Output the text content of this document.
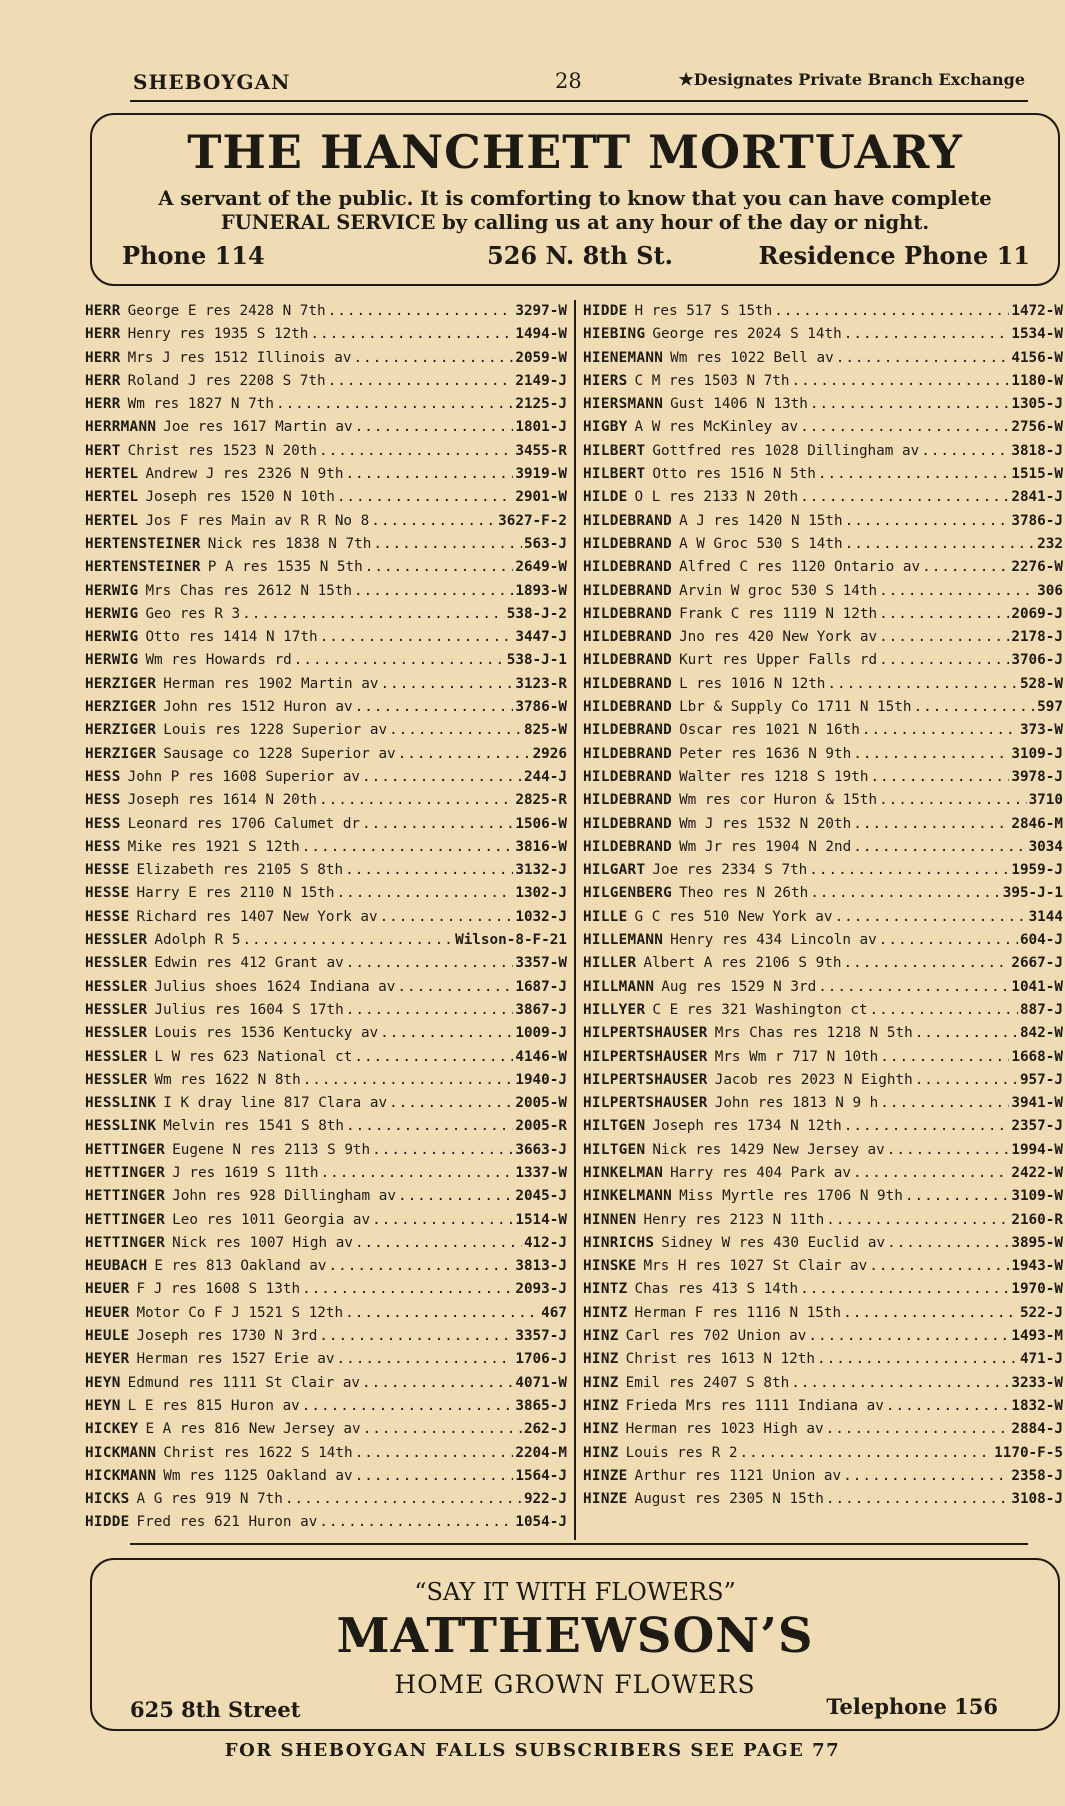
SHEBOYGAN	28	★Designates Private Branch Exchange
THE HANCHETT MORTUARY
A servant of the public. It is comforting to know that you can have complete
FUNERAL SERVICE by calling us at any hour of the day or night.
Phone 114	526 N. 8th St.	Residence Phone 11
HERR George E res 2428 N 7th .....	3297-W
HERR Henry res 1935 S 12th .....	1494-W
HERR Mrs J res 1512 Illinois av .....	2059-W
HERR Roland J res 2208 S 7th .....	2149-J
HERR Wm res 1827 N 7th .....	2125-J
HERRMANN Joe res 1617 Martin av .....	1801-J
HERT Christ res 1523 N 20th .....	3455-R
HERTEL Andrew J res 2326 N 9th .....	3919-W
HERTEL Joseph res 1520 N 10th .....	2901-W
HERTEL Jos F res Main av R R No 8 .....	3627-F-2
HERTENSTEINER Nick res 1838 N 7th .....	563-J
HERTENSTEINER P A res 1535 N 5th .....	2649-W
HERWIG Mrs Chas res 2612 N 15th .....	1893-W
HERWIG Geo res R 3 .....	538-J-2
HERWIG Otto res 1414 N 17th .....	3447-J
HERWIG Wm res Howards rd .....	538-J-1
HERZIGER Herman res 1902 Martin av .....	3123-R
HERZIGER John res 1512 Huron av .....	3786-W
HERZIGER Louis res 1228 Superior av .....	825-W
HERZIGER Sausage co 1228 Superior av .....	2926
HESS John P res 1608 Superior av .....	244-J
HESS Joseph res 1614 N 20th .....	2825-R
HESS Leonard res 1706 Calumet dr .....	1506-W
HESS Mike res 1921 S 12th .....	3816-W
HESSE Elizabeth res 2105 S 8th .....	3132-J
HESSE Harry E res 2110 N 15th .....	1302-J
HESSE Richard res 1407 New York av .....	1032-J
HESSLER Adolph R 5 .....	Wilson-8-F-21
HESSLER Edwin res 412 Grant av .....	3357-W
HESSLER Julius shoes 1624 Indiana av .....	1687-J
HESSLER Julius res 1604 S 17th .....	3867-J
HESSLER Louis res 1536 Kentucky av .....	1009-J
HESSLER L W res 623 National ct .....	4146-W
HESSLER Wm res 1622 N 8th .....	1940-J
HESSLINK I K dray line 817 Clara av .....	2005-W
HESSLINK Melvin res 1541 S 8th .....	2005-R
HETTINGER Eugene N res 2113 S 9th .....	3663-J
HETTINGER J res 1619 S 11th .....	1337-W
HETTINGER John res 928 Dillingham av .....	2045-J
HETTINGER Leo res 1011 Georgia av .....	1514-W
HETTINGER Nick res 1007 High av .....	412-J
HEUBACH E res 813 Oakland av .....	3813-J
HEUER F J res 1608 S 13th .....	2093-J
HEUER Motor Co F J 1521 S 12th .....	467
HEULE Joseph res 1730 N 3rd .....	3357-J
HEYER Herman res 1527 Erie av .....	1706-J
HEYN Edmund res 1111 St Clair av .....	4071-W
HEYN L E res 815 Huron av .....	3865-J
HICKEY E A res 816 New Jersey av .....	262-J
HICKMANN Christ res 1622 S 14th .....	2204-M
HICKMANN Wm res 1125 Oakland av .....	1564-J
HICKS A G res 919 N 7th .....	922-J
HIDDE Fred res 621 Huron av .....	1054-J
HIDDE H res 517 S 15th .....	1472-W
HIEBING George res 2024 S 14th .....	1534-W
HIENEMANN Wm res 1022 Bell av .....	4156-W
HIERS C M res 1503 N 7th .....	1180-W
HIERSMANN Gust 1406 N 13th .....	1305-J
HIGBY A W res McKinley av .....	2756-W
HILBERT Gottfred res 1028 Dillingham av .....	3818-J
HILBERT Otto res 1516 N 5th .....	1515-W
HILDE O L res 2133 N 20th .....	2841-J
HILDEBRAND A J res 1420 N 15th .....	3786-J
HILDEBRAND A W Groc 530 S 14th .....	232
HILDEBRAND Alfred C res 1120 Ontario av .....	2276-W
HILDEBRAND Arvin W groc 530 S 14th .....	306
HILDEBRAND Frank C res 1119 N 12th .....	2069-J
HILDEBRAND Jno res 420 New York av .....	2178-J
HILDEBRAND Kurt res Upper Falls rd .....	3706-J
HILDEBRAND L res 1016 N 12th .....	528-W
HILDEBRAND Lbr & Supply Co 1711 N 15th .....	597
HILDEBRAND Oscar res 1021 N 16th .....	373-W
HILDEBRAND Peter res 1636 N 9th .....	3109-J
HILDEBRAND Walter res 1218 S 19th .....	3978-J
HILDEBRAND Wm res cor Huron & 15th .....	3710
HILDEBRAND Wm J res 1532 N 20th .....	2846-M
HILDEBRAND Wm Jr res 1904 N 2nd .....	3034
HILGART Joe res 2334 S 7th .....	1959-J
HILGENBERG Theo res N 26th .....	395-J-1
HILLE G C res 510 New York av .....	3144
HILLEMANN Henry res 434 Lincoln av .....	604-J
HILLER Albert A res 2106 S 9th .....	2667-J
HILLMANN Aug res 1529 N 3rd .....	1041-W
HILLYER C E res 321 Washington ct .....	887-J
HILPERTSHAUSER Mrs Chas res 1218 N 5th .....	842-W
HILPERTSHAUSER Mrs Wm r 717 N 10th .....	1668-W
HILPERTSHAUSER Jacob res 2023 N Eighth .....	957-J
HILPERTSHAUSER John res 1813 N 9 h .....	3941-W
HILTGEN Joseph res 1734 N 12th .....	2357-J
HILTGEN Nick res 1429 New Jersey av .....	1994-W
HINKELMAN Harry res 404 Park av .....	2422-W
HINKELMANN Miss Myrtle res 1706 N 9th .....	3109-W
HINNEN Henry res 2123 N 11th .....	2160-R
HINRICHS Sidney W res 430 Euclid av .....	3895-W
HINSKE Mrs H res 1027 St Clair av .....	1943-W
HINTZ Chas res 413 S 14th .....	1970-W
HINTZ Herman F res 1116 N 15th .....	522-J
HINZ Carl res 702 Union av .....	1493-M
HINZ Christ res 1613 N 12th .....	471-J
HINZ Emil res 2407 S 8th .....	3233-W
HINZ Frieda Mrs res 1111 Indiana av .....	1832-W
HINZ Herman res 1023 High av .....	2884-J
HINZ Louis res R 2 .....	1170-F-5
HINZE Arthur res 1121 Union av .....	2358-J
HINZE August res 2305 N 15th .....	3108-J
“SAY IT WITH FLOWERS”
MATTHEWSON’S
HOME GROWN FLOWERS
625 8th Street	Telephone 156
FOR SHEBOYGAN FALLS SUBSCRIBERS SEE PAGE 77
